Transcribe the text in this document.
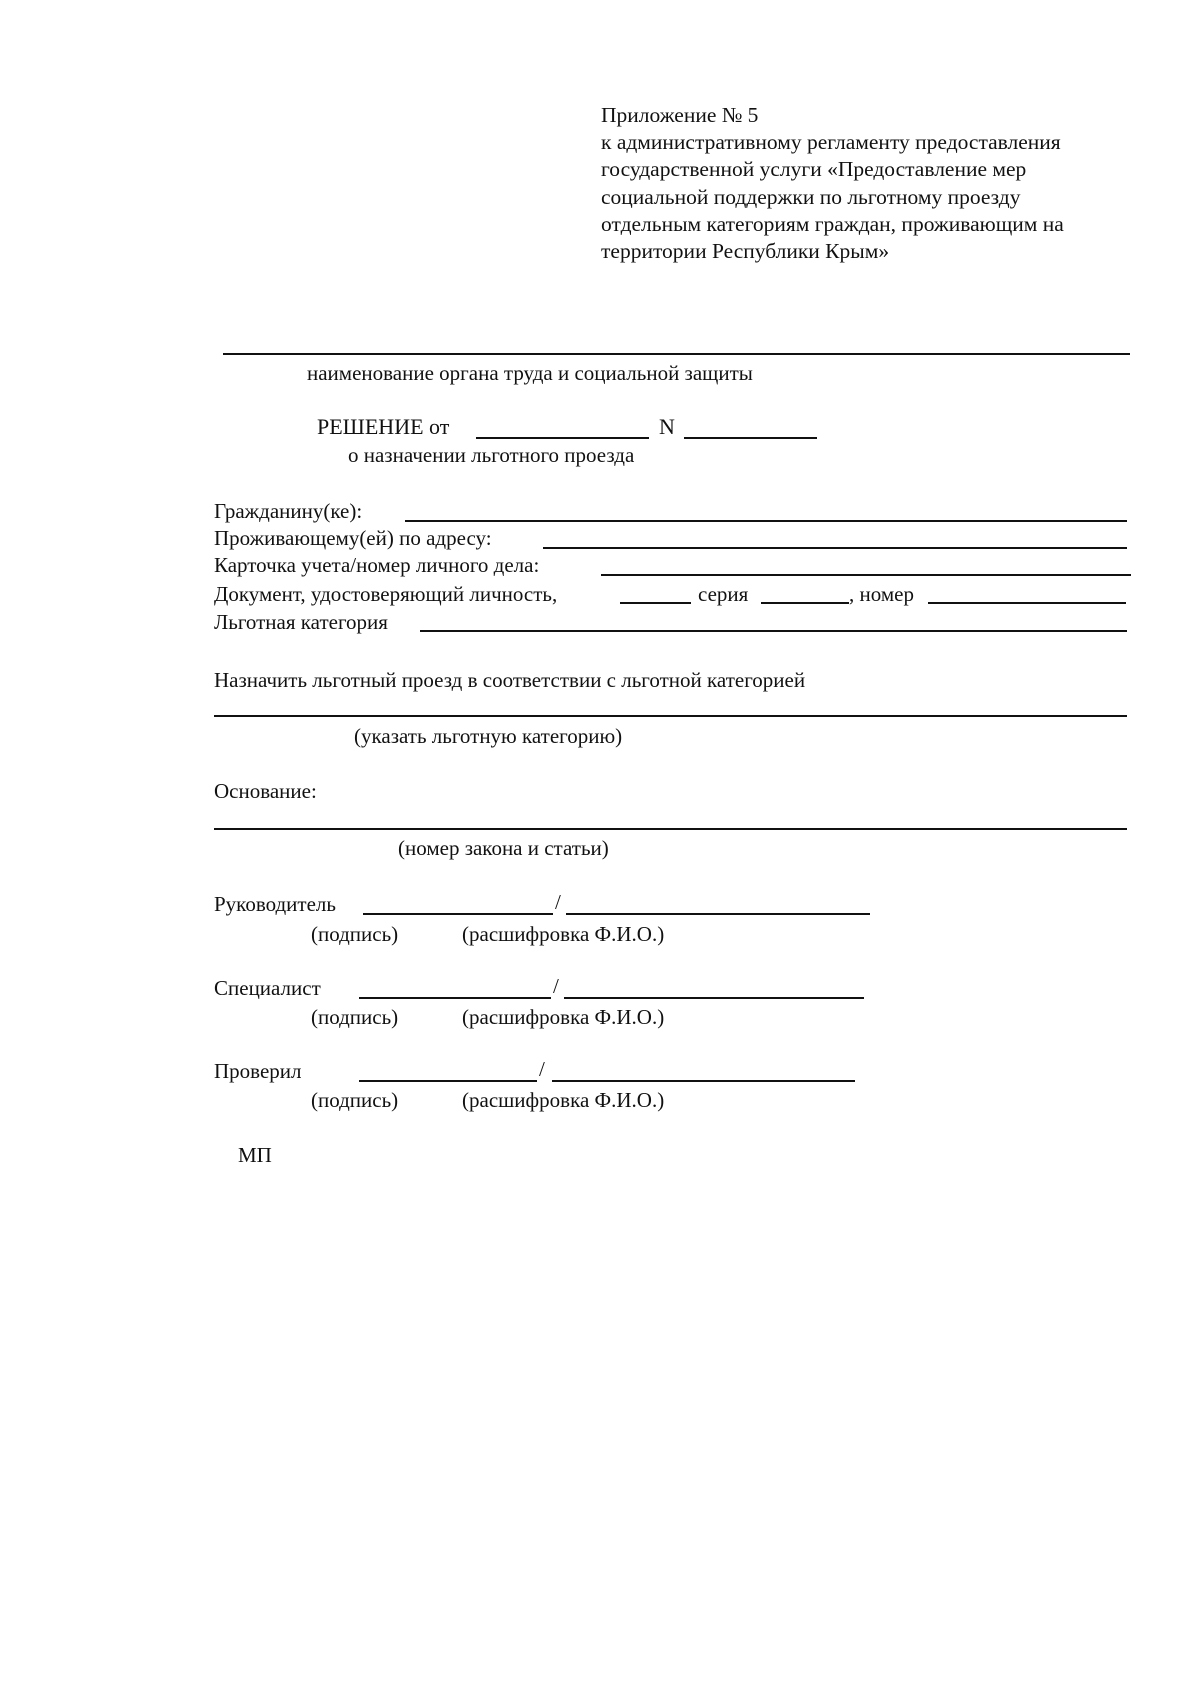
Приложение № 5
к административному регламенту предоставления
государственной услуги «Предоставление мер
социальной поддержки по льготному проезду
отдельным категориям граждан, проживающим на
территории Республики Крым»
наименование органа труда и социальной защиты
РЕШЕНИЕ от	N
о назначении льготного проезда
Гражданину(ке):
Проживающему(ей) по адресу:
Карточка учета/номер личного дела:
Документ, удостоверяющий личность,	серия	, номер
Льготная категория
Назначить льготный проезд в соответствии с льготной категорией
(указать льготную категорию)
Основание:
(номер закона и статьи)
Руководитель	/
(подпись)	(расшифровка Ф.И.О.)
Специалист	/
(подпись)	(расшифровка Ф.И.О.)
Проверил	/
(подпись)	(расшифровка Ф.И.О.)
МП
